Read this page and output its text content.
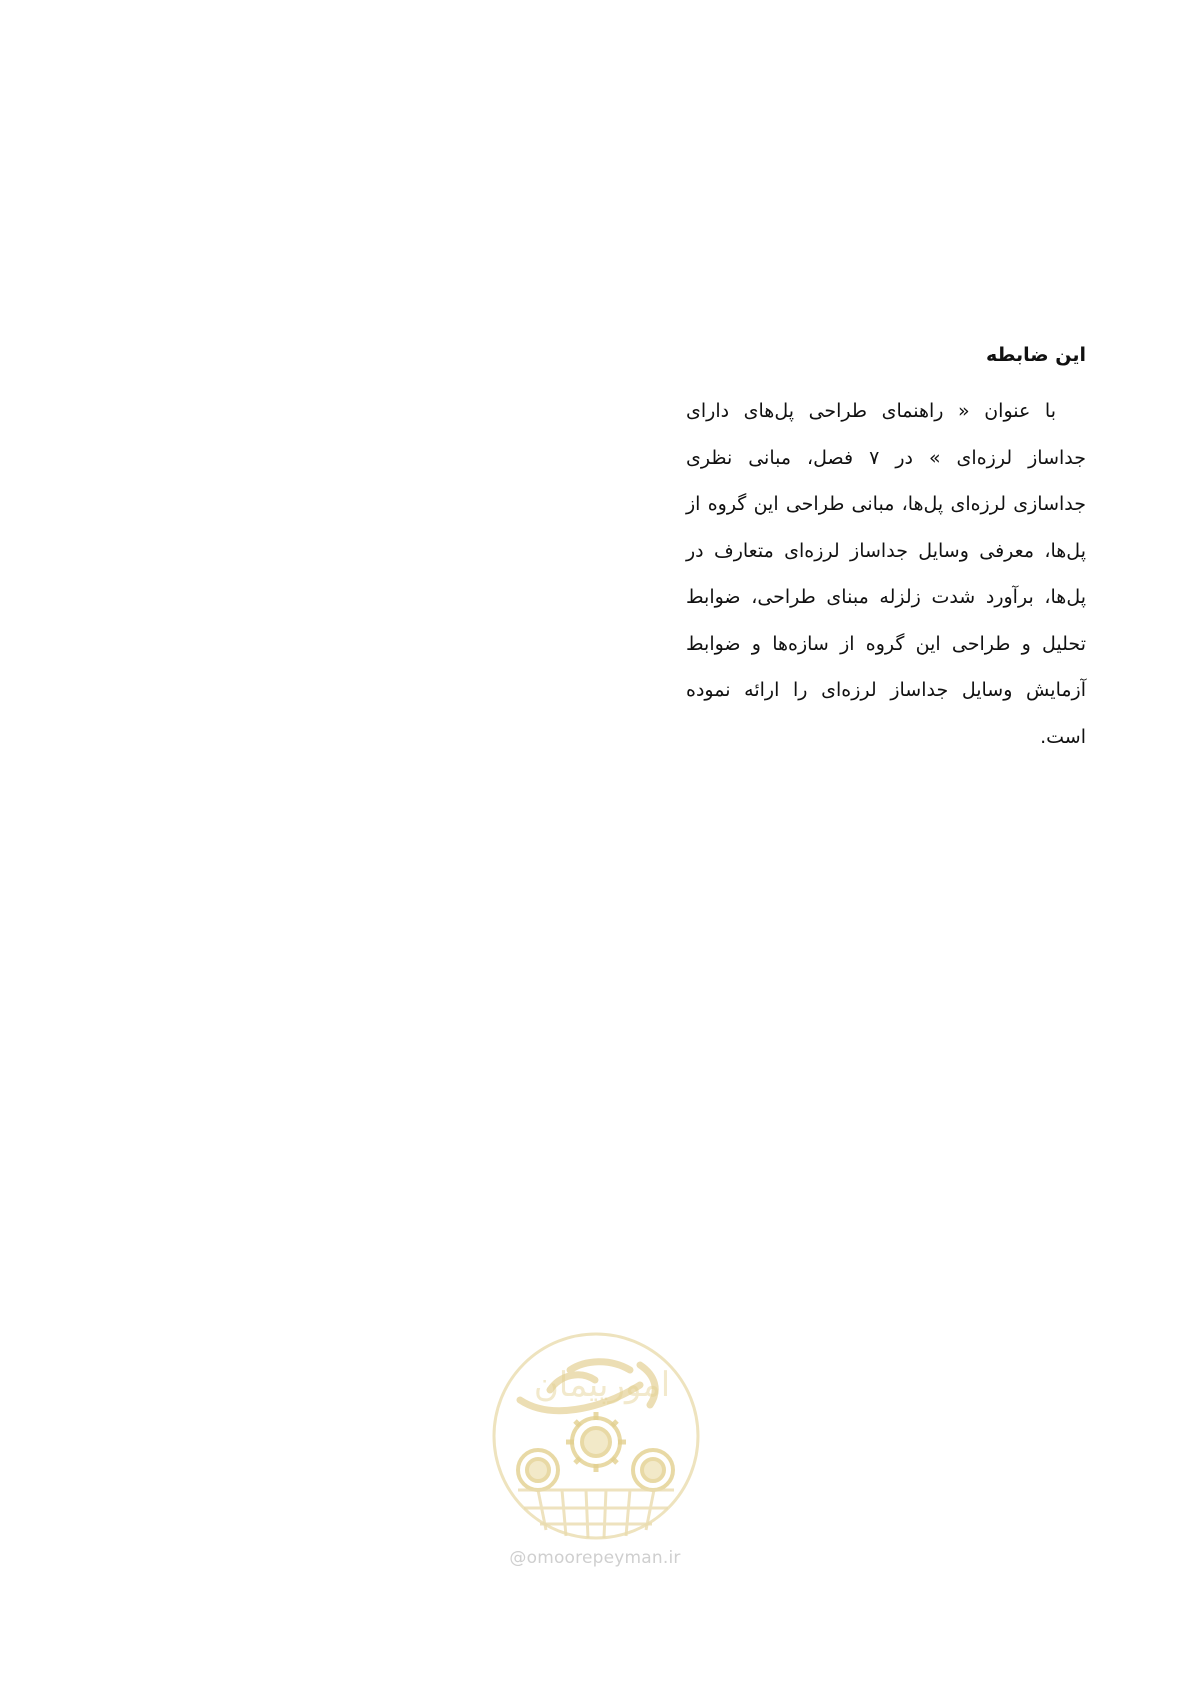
این ضابطه

با عنوان « راهنمای طراحی پل‌های دارای جداساز لرزه‌ای » در ۷ فصل، مبانی نظری جداسازی لرزه‌ای پل‌ها، مبانی طراحی این گروه از پل‌ها، معرفی وسایل جداساز لرزه‌ای متعارف در پل‌ها، برآورد شدت زلزله مبنای طراحی، ضوابط تحلیل و طراحی این گروه از سازه‌ها و ضوابط آزمایش وسایل جداساز لرزه‌ای را ارائه نموده است.

امورپیمان
@omoorepeyman.ir
